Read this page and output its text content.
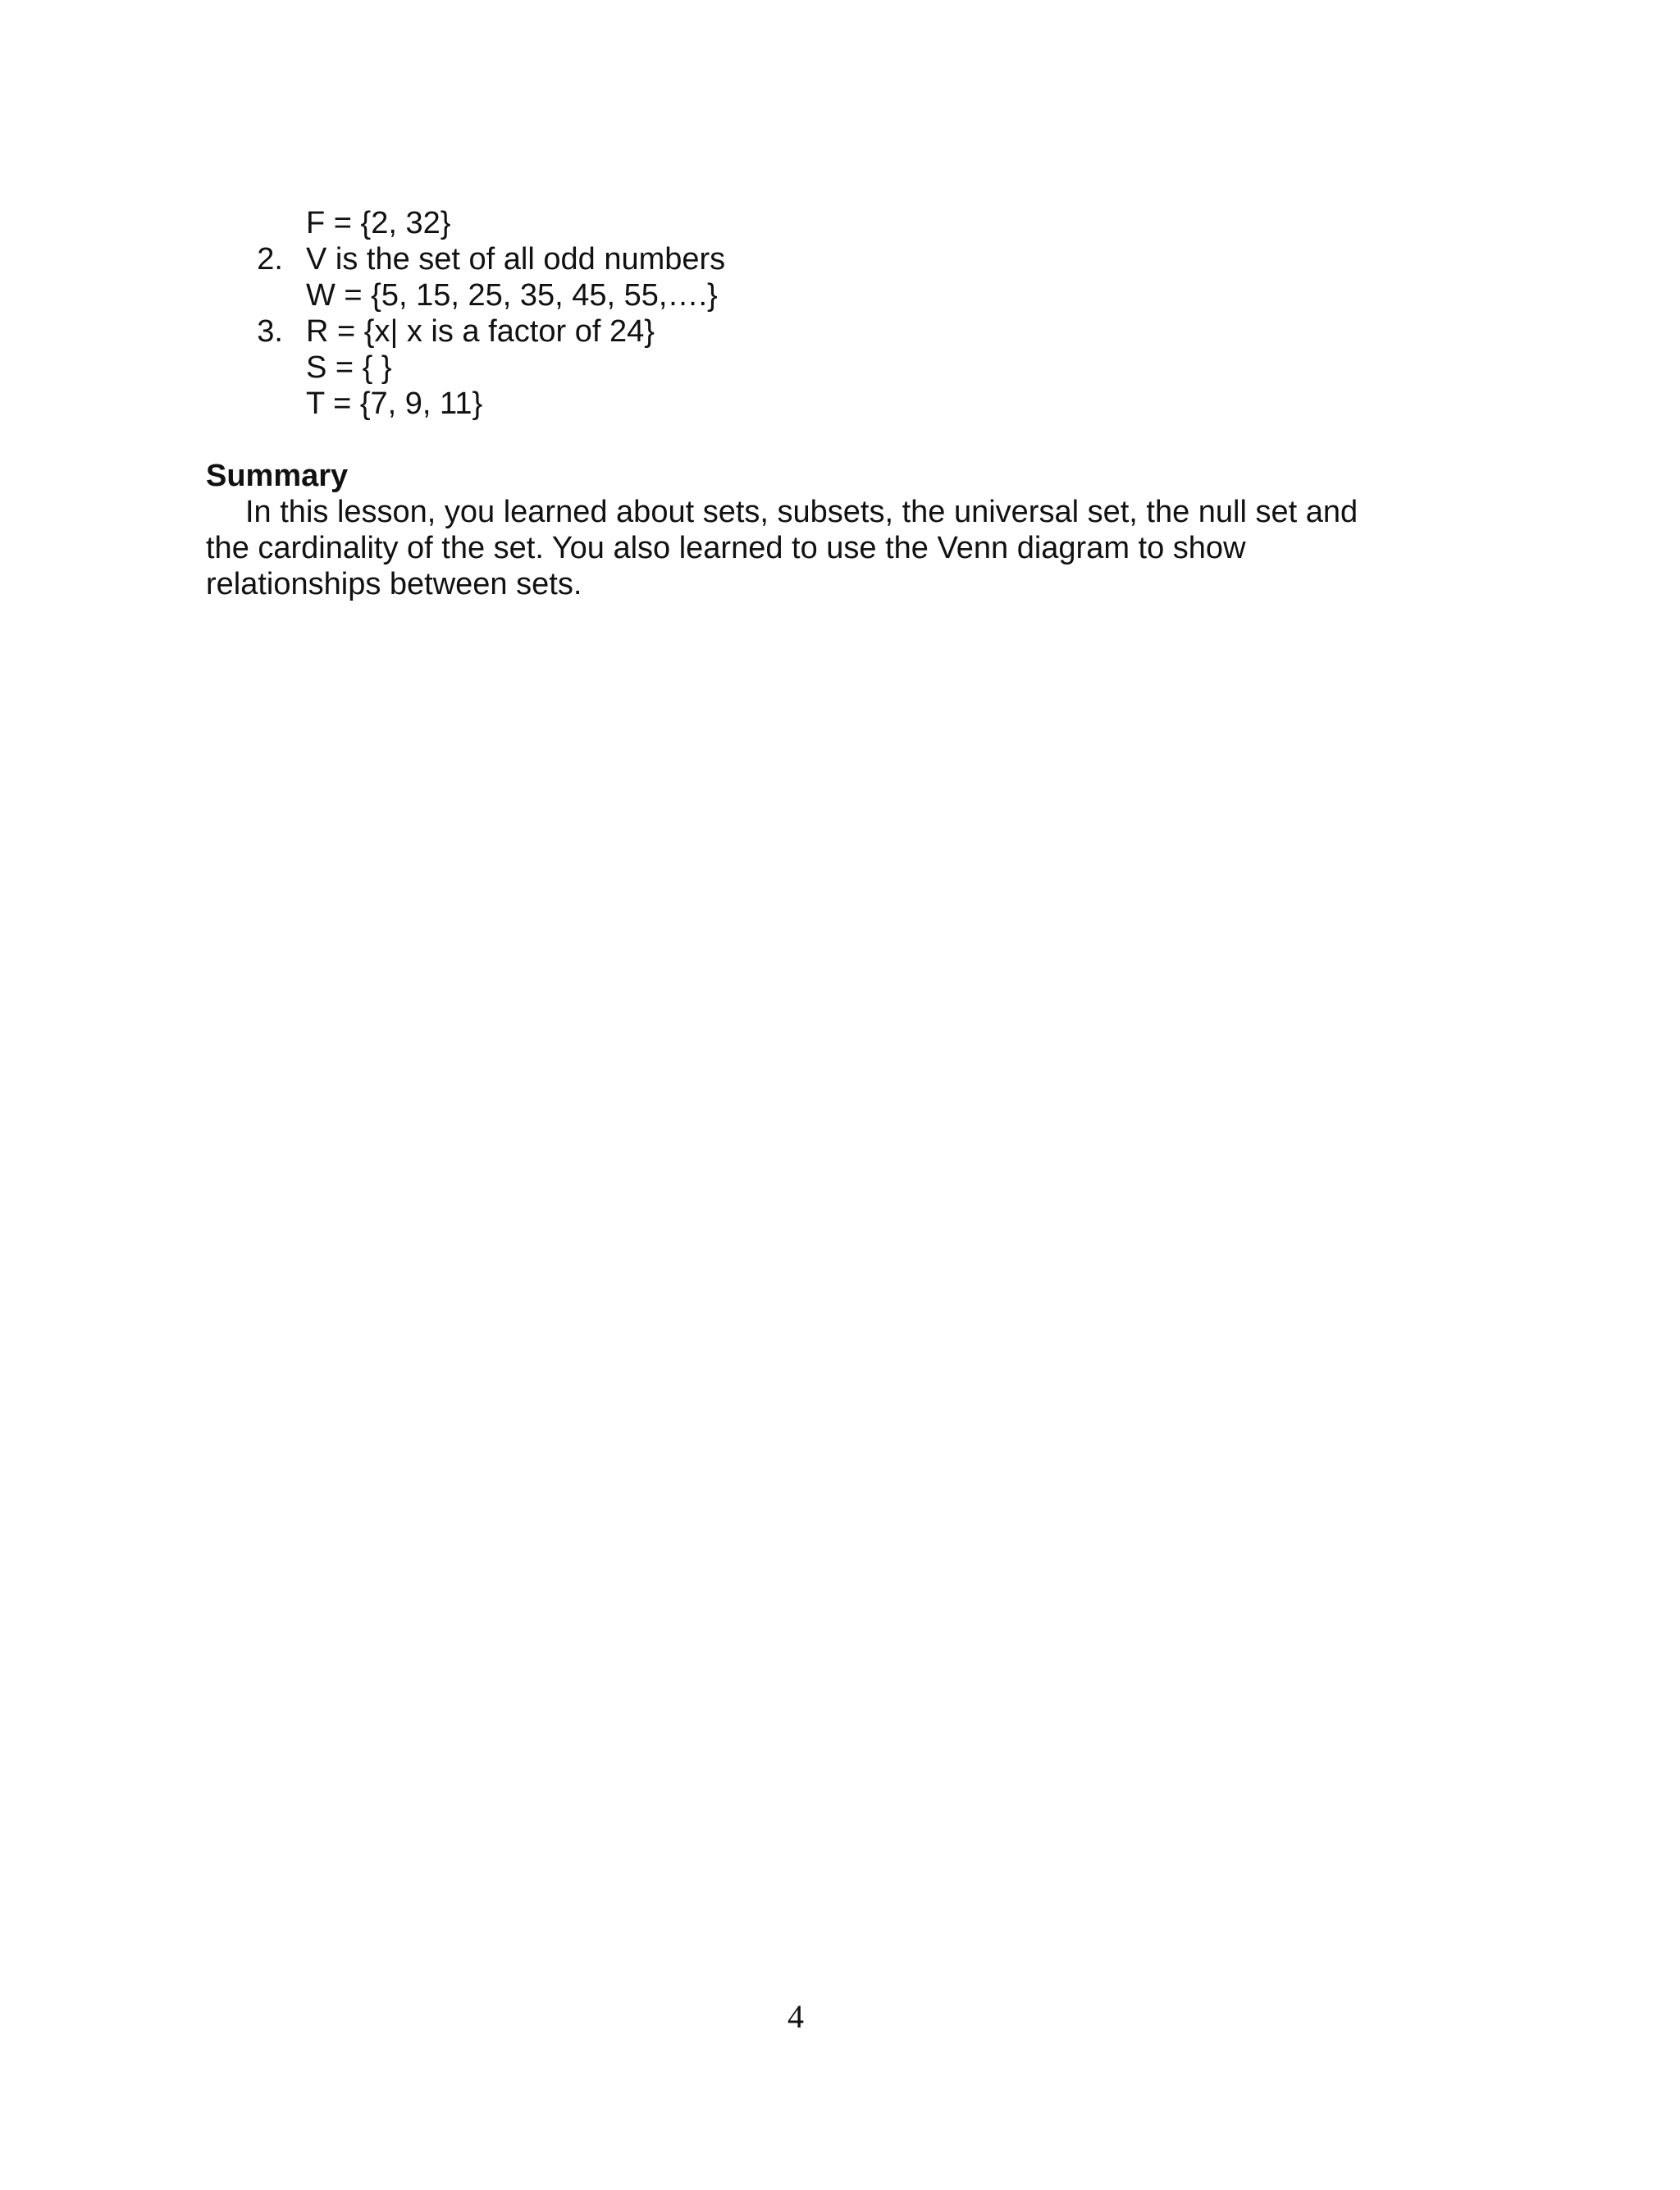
F = {2, 32}
2. V is the set of all odd numbers
W = {5, 15, 25, 35, 45, 55,….}
3. R = {x| x is a factor of 24}
S = { }
T = {7, 9, 11}
Summary

In this lesson, you learned about sets, subsets, the universal set, the null set and the cardinality of the set. You also learned to use the Venn diagram to show relationships between sets.

4
